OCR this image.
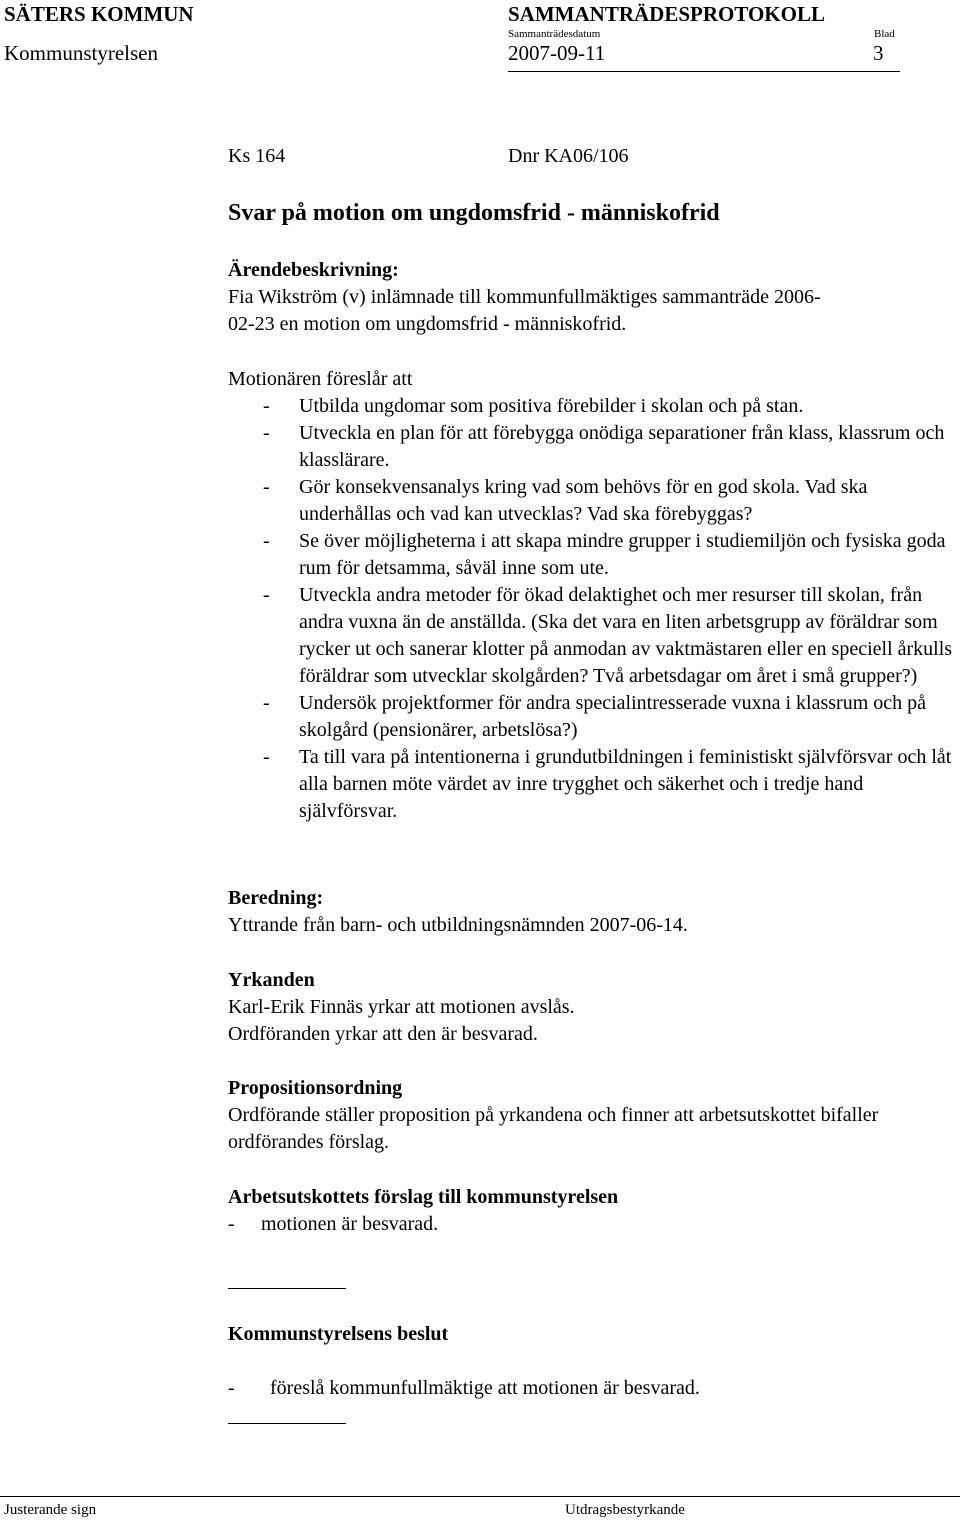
SÄTERS KOMMUN	SAMMANTRÄDESPROTOKOLL
Sammanträdesdatum	Blad
Kommunstyrelsen	2007-09-11	3
Ks 164	Dnr KA06/106
Svar på motion om ungdomsfrid - människofrid
Ärendebeskrivning:
Fia Wikström (v) inlämnade till kommunfullmäktiges sammanträde 2006-
02-23 en motion om ungdomsfrid - människofrid.
Motionären föreslår att
- Utbilda ungdomar som positiva förebilder i skolan och på stan.
- Utveckla en plan för att förebygga onödiga separationer från klass, klassrum och klasslärare.
- Gör konsekvensanalys kring vad som behövs för en god skola. Vad ska underhållas och vad kan utvecklas? Vad ska förebyggas?
- Se över möjligheterna i att skapa mindre grupper i studiemiljön och fysiska goda rum för detsamma, såväl inne som ute.
- Utveckla andra metoder för ökad delaktighet och mer resurser till skolan, från andra vuxna än de anställda. (Ska det vara en liten arbetsgrupp av föräldrar som rycker ut och sanerar klotter på anmodan av vaktmästaren eller en speciell årkulls föräldrar som utvecklar skolgården? Två arbetsdagar om året i små grupper?)
- Undersök projektformer för andra specialintresserade vuxna i klassrum och på skolgård (pensionärer, arbetslösa?)
- Ta till vara på intentionerna i grundutbildningen i feministiskt självförsvar och låt alla barnen möte värdet av inre trygghet och säkerhet och i tredje hand självförsvar.
Beredning:
Yttrande från barn- och utbildningsnämnden 2007-06-14.
Yrkanden
Karl-Erik Finnäs yrkar att motionen avslås.
Ordföranden yrkar att den är besvarad.
Propositionsordning

Ordförande ställer proposition på yrkandena och finner att arbetsutskottet bifaller ordförandes förslag.

Arbetsutskottets förslag till kommunstyrelsen
- motionen är besvarad.
Kommunstyrelsens beslut
- föreslå kommunfullmäktige att motionen är besvarad.
Justerande sign	Utdragsbestyrkande
